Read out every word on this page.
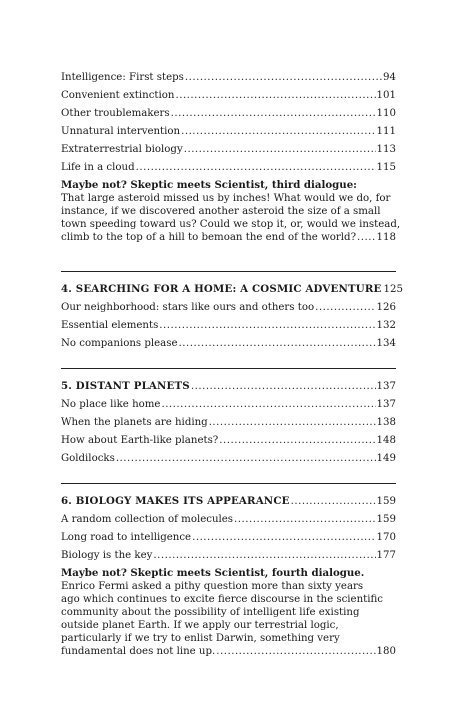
Intelligence: First steps .....	94
Convenient extinction .....	101
Other troublemakers .....	110
Unnatural intervention .....	111
Extraterrestrial biology .....	113
Life in a cloud .....	115
Maybe not? Skeptic meets Scientist, third dialogue:
That large asteroid missed us by inches! What would we do, for
instance, if we discovered another asteroid the size of a small
town speeding toward us? Could we stop it, or, would we instead,
climb to the top of a hill to bemoan the end of the world? ..... 118
4. SEARCHING FOR A HOME: A COSMIC ADVENTURE 125
Our neighborhood: stars like ours and others too .....	126
Essential elements .....	132
No companions please .....	134
5. DISTANT PLANETS .....	137
No place like home .....	137
When the planets are hiding .....	138
How about Earth-like planets? .....	148
Goldilocks .....	149
6. BIOLOGY MAKES ITS APPEARANCE .....	159
A random collection of molecules .....	159
Long road to intelligence .....	170
Biology is the key .....	177
Maybe not? Skeptic meets Scientist, fourth dialogue.
Enrico Fermi asked a pithy question more than sixty years
ago which continues to excite fierce discourse in the scientific
community about the possibility of intelligent life existing
outside planet Earth. If we apply our terrestrial logic,
particularly if we try to enlist Darwin, something very
fundamental does not line up. .....	180
